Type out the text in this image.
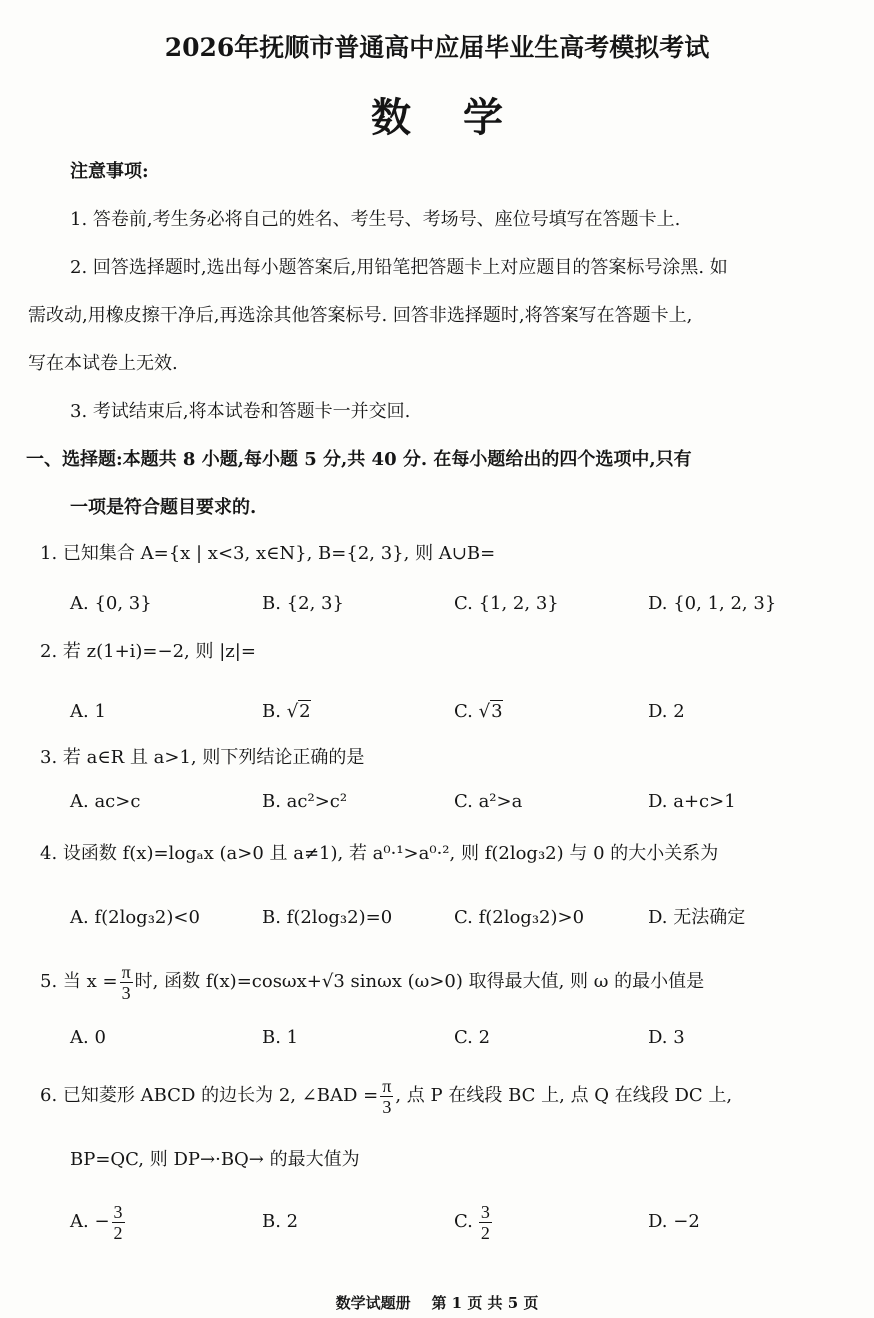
2026年抚顺市普通高中应届毕业生高考模拟考试
数学
注意事项:
1. 答卷前,考生务必将自己的姓名、考生号、考场号、座位号填写在答题卡上.
2. 回答选择题时,选出每小题答案后,用铅笔把答题卡上对应题目的答案标号涂黑. 如
需改动,用橡皮擦干净后,再选涂其他答案标号. 回答非选择题时,将答案写在答题卡上,
写在本试卷上无效.
3. 考试结束后,将本试卷和答题卡一并交回.
一、选择题:本题共 8 小题,每小题 5 分,共 40 分. 在每小题给出的四个选项中,只有
一项是符合题目要求的.
1. 已知集合 A={x | x<3, x∈N}, B={2, 3}, 则 A∪B=
A. {0, 3}	B. {2, 3}	C. {1, 2, 3}	D. {0, 1, 2, 3}
2. 若 z(1+i)=−2, 则 |z|=
A. 1	B. √2	C. √3	D. 2
3. 若 a∈R 且 a>1, 则下列结论正确的是
A. ac>c	B. ac²>c²	C. a²>a	D. a+c>1
4. 设函数 f(x)=logₐx (a>0 且 a≠1), 若 a⁰·¹>a⁰·², 则 f(2log₃2) 与 0 的大小关系为
A. f(2log₃2)<0	B. f(2log₃2)=0	C. f(2log₃2)>0	D. 无法确定
5. 当 $x = \frac{\pi}{3}$ 时, 函数 f(x)=cosωx+√3 sinωx (ω>0) 取得最大值, 则 ω 的最小值是
A. 0	B. 1	C. 2	D. 3
6. 已知菱形 ABCD 的边长为 2, ∠BAD = $\frac{\pi}{3}$ , 点 P 在线段 BC 上, 点 Q 在线段 DC 上,
BP=QC, 则 DP→·BQ→ 的最大值为
A. − $\frac{3}{2}$	B. 2	C. $\frac{3}{2}$	D. −2
数学试题册    第 1 页 共 5 页
